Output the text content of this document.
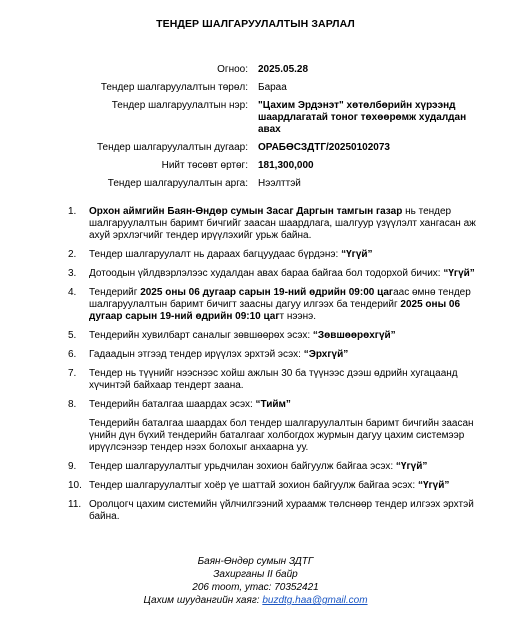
ТЕНДЕР ШАЛГАРУУЛАЛТЫН ЗАРЛАЛ
Огноо:	2025.05.28
Тендер шалгаруулалтын төрөл:	Бараа
Тендер шалгаруулалтын нэр:	"Цахим Эрдэнэт" хөтөлбөрийн хүрээнд шаардлагатай тоног төхөөрөмж худалдан авах
Тендер шалгаруулалтын дугаар:	ОРАБӨСЗДТГ/20250102073
Нийт төсөвт өртөг:	181,300,000
Тендер шалгаруулалтын арга:	Нээлттэй
1.	Орхон аймгийн Баян-Өндөр сумын Засаг Даргын тамгын газар нь тендер шалгаруулалтын баримт бичгийг заасан шаардлага, шалгуур үзүүлэлт хангасан аж ахуй эрхлэгчийг тендер ирүүлэхийг урьж байна.
2.	Тендер шалгаруулалт нь дараах багцуудаас бүрдэнэ: “Үгүй”
3.	Дотоодын үйлдвэрлэлээс худалдан авах бараа байгаа бол тодорхой бичих: “Үгүй”
4.	Тендерийг 2025 оны 06 дугаар сарын 19-ний өдрийн 09:00 цагаас өмнө тендер шалгаруулалтын баримт бичигт заасны дагуу илгээх ба тендерийг 2025 оны 06 дугаар сарын 19-ний өдрийн 09:10 цагт нээнэ.
5.	Тендерийн хувилбарт саналыг зөвшөөрөх эсэх: “Зөвшөөрөхгүй”
6.	Гадаадын этгээд тендер ирүүлэх эрхтэй эсэх: “Эрхгүй”
7.	Тендер нь түүнийг нээснээс хойш ажлын 30 ба түүнээс дээш өдрийн хугацаанд хүчинтэй байхаар тендерт заана.
8.	Тендерийн баталгаа шаардах эсэх: “Тийм”
Тендерийн баталгаа шаардах бол тендер шалгаруулалтын баримт бичгийн заасан үнийн дүн бүхий тендерийн баталгааг холбогдох журмын дагуу цахим системээр ирүүлсэнээр тендер нээх болохыг анхаарна уу.
9.	Тендер шалгаруулалтыг урьдчилан зохион байгуулж байгаа эсэх: “Үгүй”
10. Тендер шалгаруулалтыг хоёр үе шаттай зохион байгуулж байгаа эсэх: “Үгүй”
11. Оролцогч цахим системийн үйлчилгээний хураамж төлснөөр тендер илгээх эрхтэй байна.
Баян-Өндөр сумын ЗДТГ
Захирганы II байр
206 тоот, утас: 70352421
Цахим шуудангийн хаяг: buzdtg.haa@gmail.com
